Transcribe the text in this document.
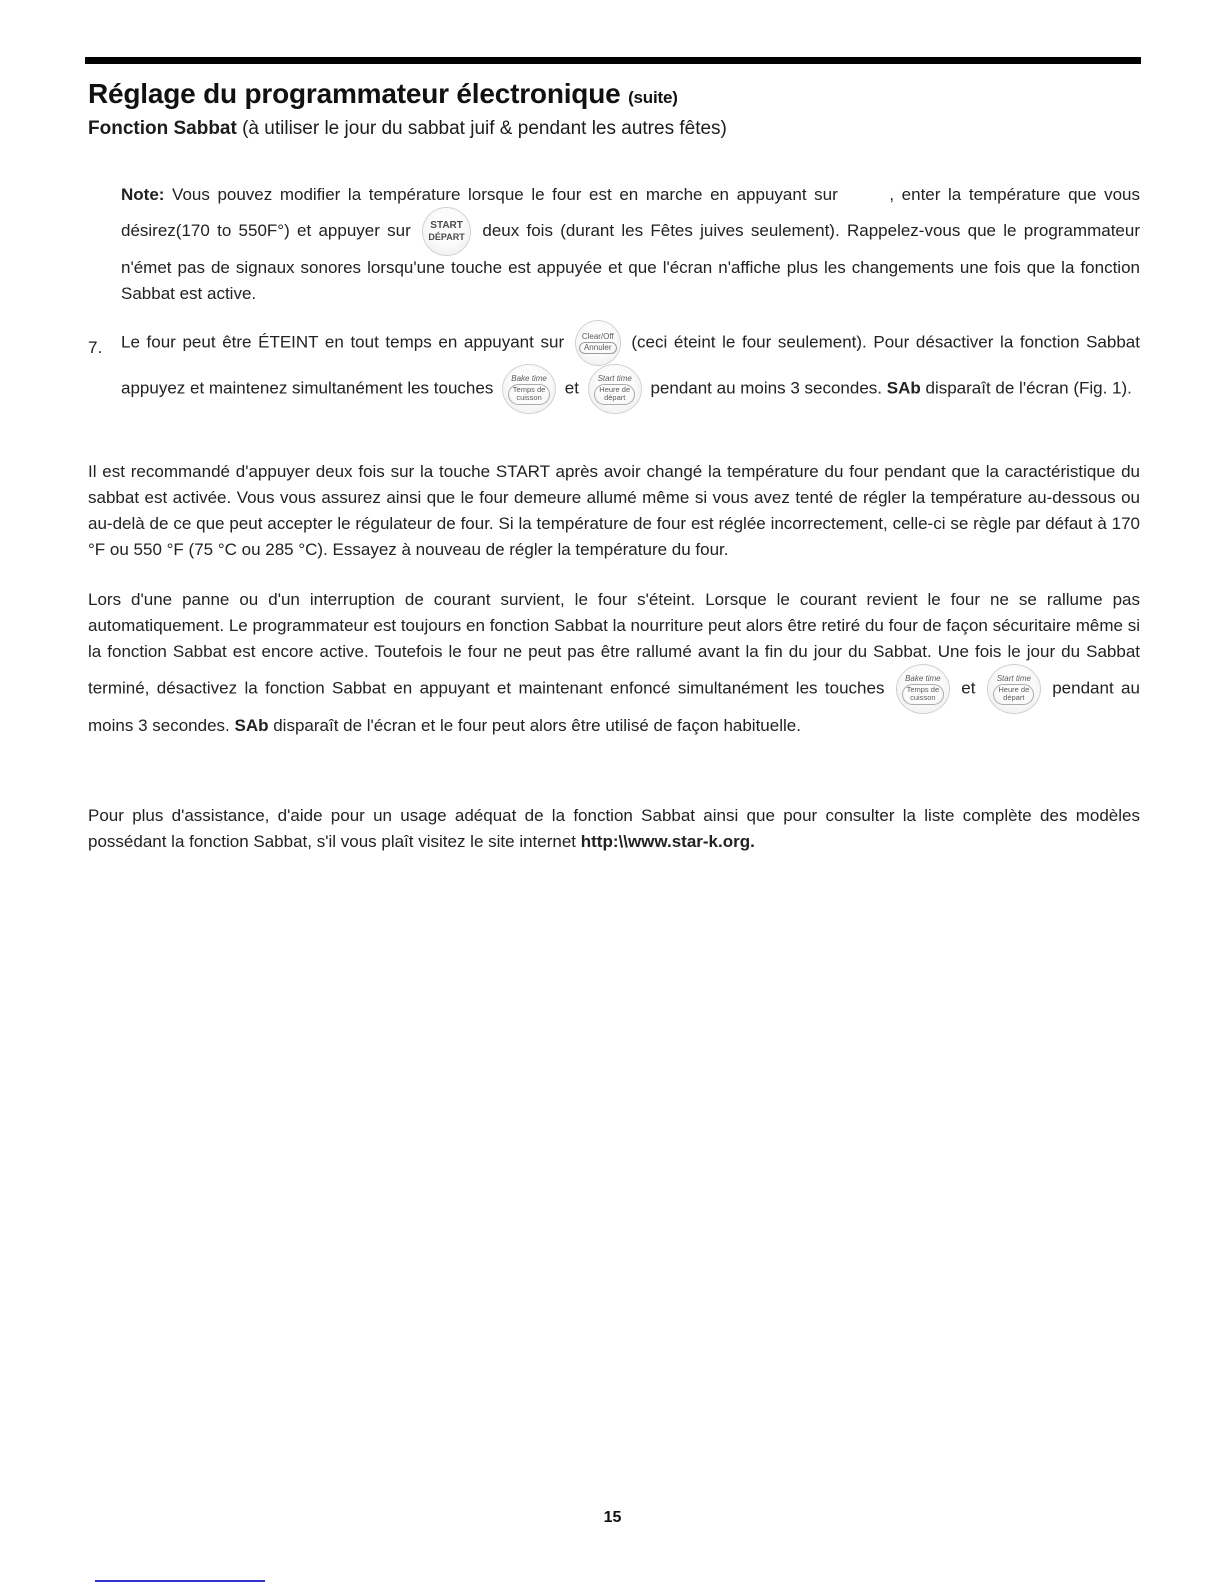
Réglage du programmateur électronique (suite)

Fonction Sabbat (à utiliser le jour du sabbat juif & pendant les autres fêtes)

Note: Vous pouvez modifier la température lorsque le four est en marche en appuyant sur	, enter la température que vous désirez(170 to 550F°) et appuyer sur START
DÉPART deux fois (durant les Fêtes juives seulement). Rappelez-vous que le programmateur n'émet pas de signaux sonores lorsqu'une touche est appuyée et que l'écran n'affiche plus les changements une fois que la fonction Sabbat est active.

7.	Le four peut être ÉTEINT en tout temps en appuyant sur Clear/Off
Annuler (ceci éteint le four seulement). Pour désactiver la fonction Sabbat appuyez et maintenez simultanément les touches
Bake time
Temps de
cuisson
et
Start time
Heure de
départ
pendant au moins 3 secondes. SAb disparaît de l'écran (Fig. 1).

Il est recommandé d'appuyer deux fois sur la touche START après avoir changé la température du four pendant que la caractéristique du sabbat est activée. Vous vous assurez ainsi que le four demeure allumé même si vous avez tenté de régler la température au-dessous ou au-delà de ce que peut accepter le régulateur de four. Si la température de four est réglée incorrectement, celle-ci se règle par défaut à 170 °F ou 550 °F (75 °C ou 285 °C). Essayez à nouveau de régler la température du four.

Lors d'une panne ou d'un interruption de courant survient, le four s'éteint. Lorsque le courant revient le four ne se rallume pas automatiquement. Le programmateur est toujours en fonction Sabbat la nourriture peut alors être retiré du four de façon sécuritaire même si la fonction Sabbat est encore active. Toutefois le four ne peut pas être rallumé avant la fin du jour du Sabbat. Une fois le jour du Sabbat terminé, désactivez la fonction Sabbat en appuyant et maintenant enfoncé simultanément les touches
Bake time
Temps de
cuisson
et
Start time
Heure de
départ
pendant au moins 3 secondes. SAb disparaît de l'écran et le four peut alors être utilisé de façon habituelle.

Pour plus d'assistance, d'aide pour un usage adéquat de la fonction Sabbat ainsi que pour consulter la liste complète des modèles possédant la fonction Sabbat, s'il vous plaît visitez le site internet http:\\www.star-k.org.

15
